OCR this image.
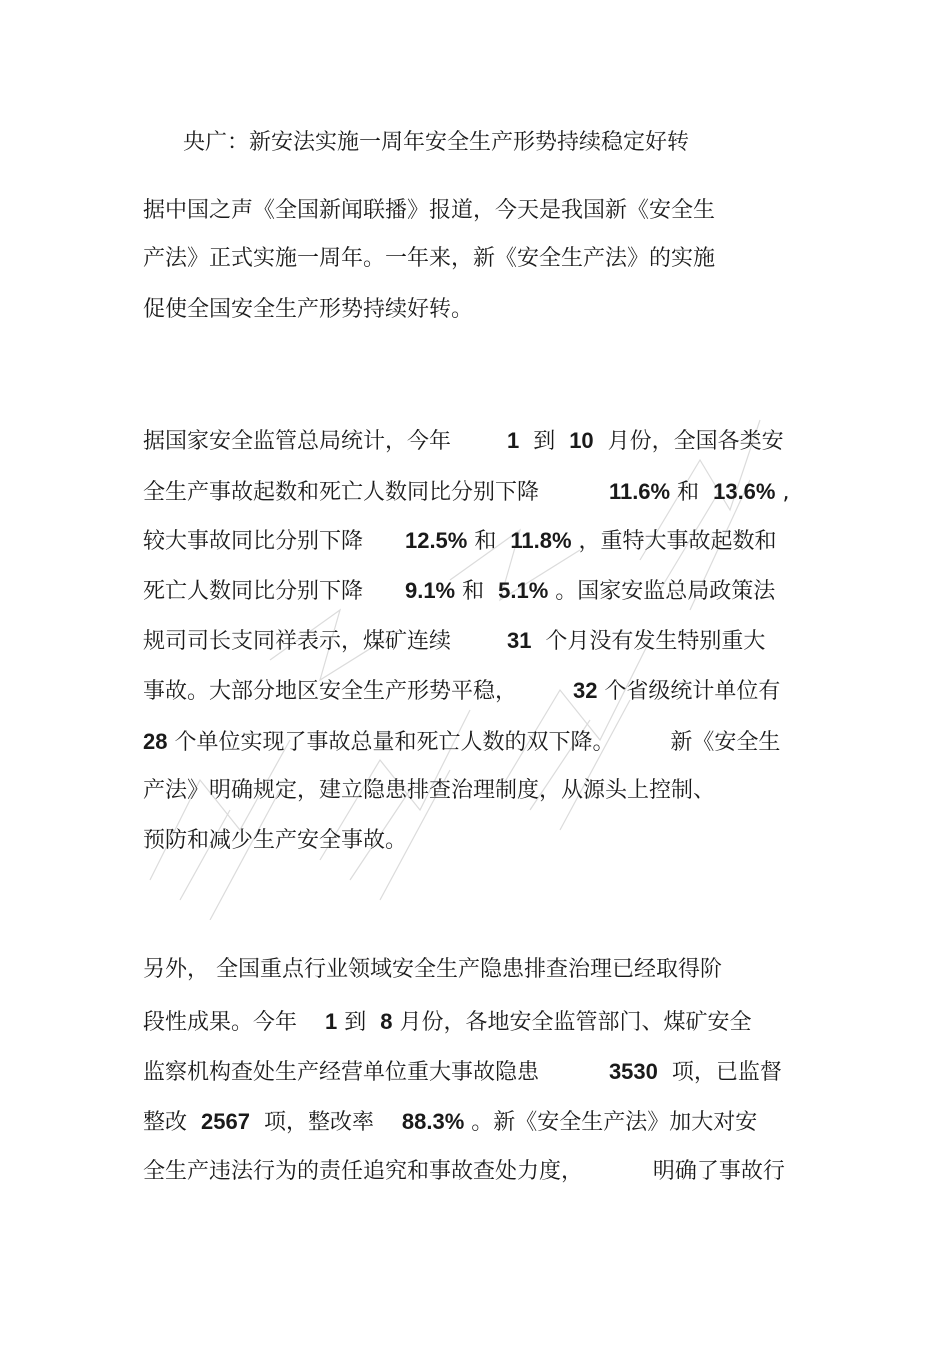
央广：新安法实施一周年安全生产形势持续稳定好转
据中国之声《全国新闻联播》报道，今天是我国新《安全生
产法》正式实施一周年。一年来，新《安全生产法》的实施
促使全国安全生产形势持续好转。
据国家安全监管总局统计，今年        1  到  10  月份，全国各类安
全生产事故起数和死亡人数同比分别下降          11.6% 和  13.6% ,
较大事故同比分别下降      12.5% 和  11.8% ，重特大事故起数和
死亡人数同比分别下降      9.1% 和  5.1% 。国家安监总局政策法
规司司长支同祥表示，煤矿连续        31  个月没有发生特别重大
事故。大部分地区安全生产形势平稳，        32 个省级统计单位有
28 个单位实现了事故总量和死亡人数的双下降。        新《安全生
产法》明确规定，建立隐患排查治理制度，从源头上控制、
预防和减少生产安全事故。
另外， 全国重点行业领域安全生产隐患排查治理已经取得阶
段性成果。今年    1 到  8 月份，各地安全监管部门、煤矿安全
监察机构查处生产经营单位重大事故隐患          3530  项，已监督
整改  2567  项，整改率    88.3% 。新《安全生产法》加大对安
全生产违法行为的责任追究和事故查处力度，          明确了事故行
